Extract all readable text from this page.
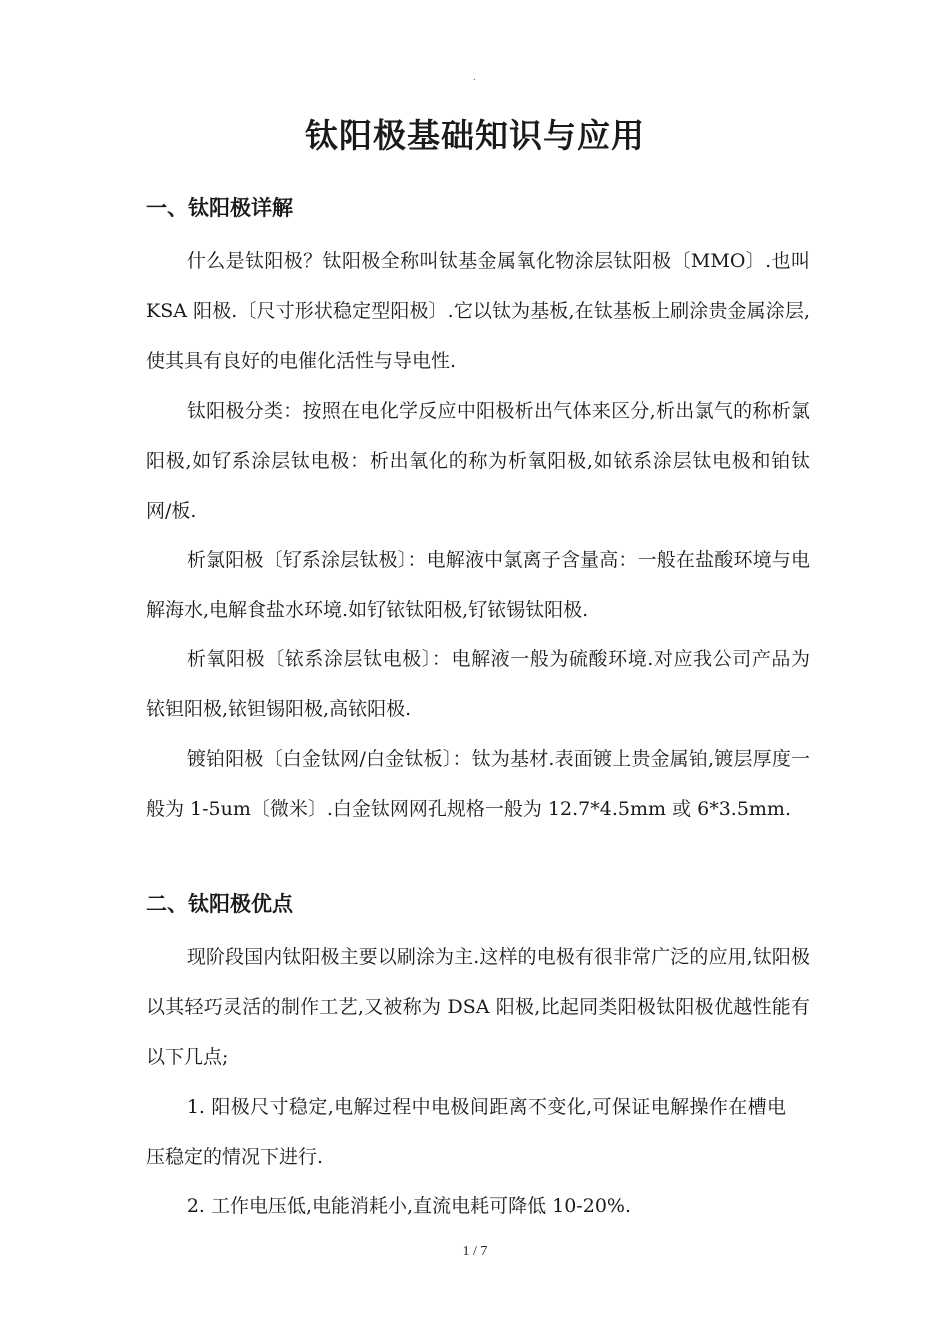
.
钛阳极基础知识与应用
一、钛阳极详解

什么是钛阳极？钛阳极全称叫钛基金属氧化物涂层钛阳极〔MMO〕.也叫 KSA 阳极.〔尺寸形状稳定型阳极〕.它以钛为基板,在钛基板上刷涂贵金属涂层,使其具有良好的电催化活性与导电性.

钛阳极分类：按照在电化学反应中阳极析出气体来区分,析出氯气的称析氯阳极,如钌系涂层钛电极：析出氧化的称为析氧阳极,如铱系涂层钛电极和铂钛网/板.

析氯阳极〔钌系涂层钛极〕：电解液中氯离子含量高：一般在盐酸环境与电解海水,电解食盐水环境.如钌铱钛阳极,钌铱锡钛阳极.

析氧阳极〔铱系涂层钛电极〕：电解液一般为硫酸环境.对应我公司产品为铱钽阳极,铱钽锡阳极,高铱阳极.

镀铂阳极〔白金钛网/白金钛板〕：钛为基材.表面镀上贵金属铂,镀层厚度一般为 1-5um〔微米〕.白金钛网网孔规格一般为 12.7*4.5mm 或 6*3.5mm.

二、钛阳极优点

现阶段国内钛阳极主要以刷涂为主.这样的电极有很非常广泛的应用,钛阳极以其轻巧灵活的制作工艺,又被称为 DSA 阳极,比起同类阳极钛阳极优越性能有以下几点;

1. 阳极尺寸稳定,电解过程中电极间距离不变化,可保证电解操作在槽电压稳定的情况下进行.

2. 工作电压低,电能消耗小,直流电耗可降低 10-20%.

1 / 7
